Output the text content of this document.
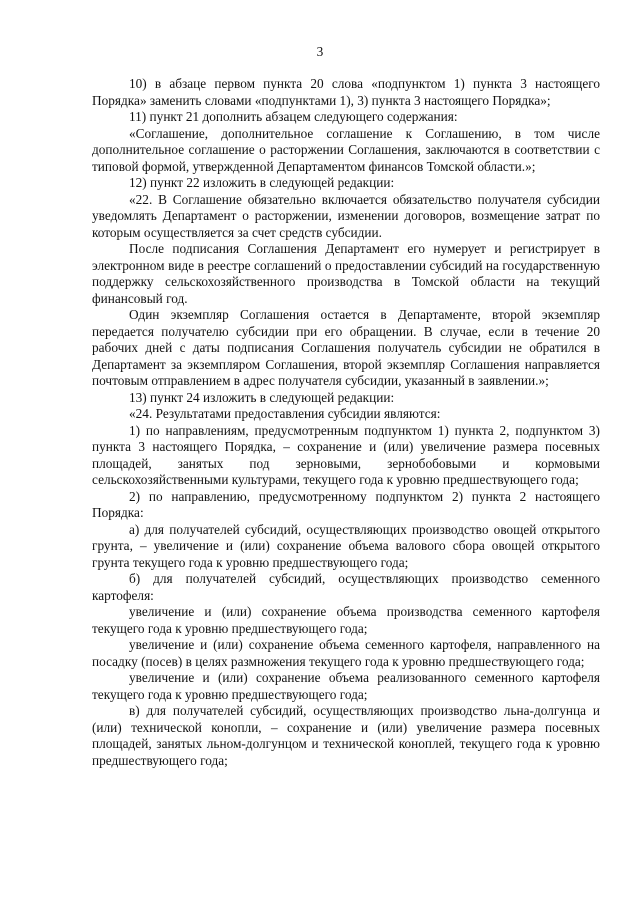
3

10) в абзаце первом пункта 20 слова «подпунктом 1) пункта 3 настоящего Порядка» заменить словами «подпунктами 1), 3) пункта 3 настоящего Порядка»;

11) пункт 21 дополнить абзацем следующего содержания:

«Соглашение, дополнительное соглашение к Соглашению, в том числе дополнительное соглашение о расторжении Соглашения, заключаются в соответствии с типовой формой, утвержденной Департаментом финансов Томской области.»;

12) пункт 22 изложить в следующей редакции:

«22. В Соглашение обязательно включается обязательство получателя субсидии уведомлять Департамент о расторжении, изменении договоров, возмещение затрат по которым осуществляется за счет средств субсидии.

После подписания Соглашения Департамент его нумерует и регистрирует в электронном виде в реестре соглашений о предоставлении субсидий на государственную поддержку сельскохозяйственного производства в Томской области на текущий финансовый год.

Один экземпляр Соглашения остается в Департаменте, второй экземпляр передается получателю субсидии при его обращении. В случае, если в течение 20 рабочих дней с даты подписания Соглашения получатель субсидии не обратился в Департамент за экземпляром Соглашения, второй экземпляр Соглашения направляется почтовым отправлением в адрес получателя субсидии, указанный в заявлении.»;

13) пункт 24 изложить в следующей редакции:

«24. Результатами предоставления субсидии являются:

1) по направлениям, предусмотренным подпунктом 1) пункта 2, подпунктом 3) пункта 3 настоящего Порядка, – сохранение и (или) увеличение размера посевных площадей, занятых под зерновыми, зернобобовыми и кормовыми сельскохозяйственными культурами, текущего года к уровню предшествующего года;

2) по направлению, предусмотренному подпунктом 2) пункта 2 настоящего Порядка:

а) для получателей субсидий, осуществляющих производство овощей открытого грунта, – увеличение и (или) сохранение объема валового сбора овощей открытого грунта текущего года к уровню предшествующего года;

б) для получателей субсидий, осуществляющих производство семенного картофеля:

увеличение и (или) сохранение объема производства семенного картофеля текущего года к уровню предшествующего года;

увеличение и (или) сохранение объема семенного картофеля, направленного на посадку (посев) в целях размножения текущего года к уровню предшествующего года;

увеличение и (или) сохранение объема реализованного семенного картофеля текущего года к уровню предшествующего года;

в) для получателей субсидий, осуществляющих производство льна-долгунца и (или) технической конопли, – сохранение и (или) увеличение размера посевных площадей, занятых льном-долгунцом и технической коноплей, текущего года к уровню предшествующего года;
